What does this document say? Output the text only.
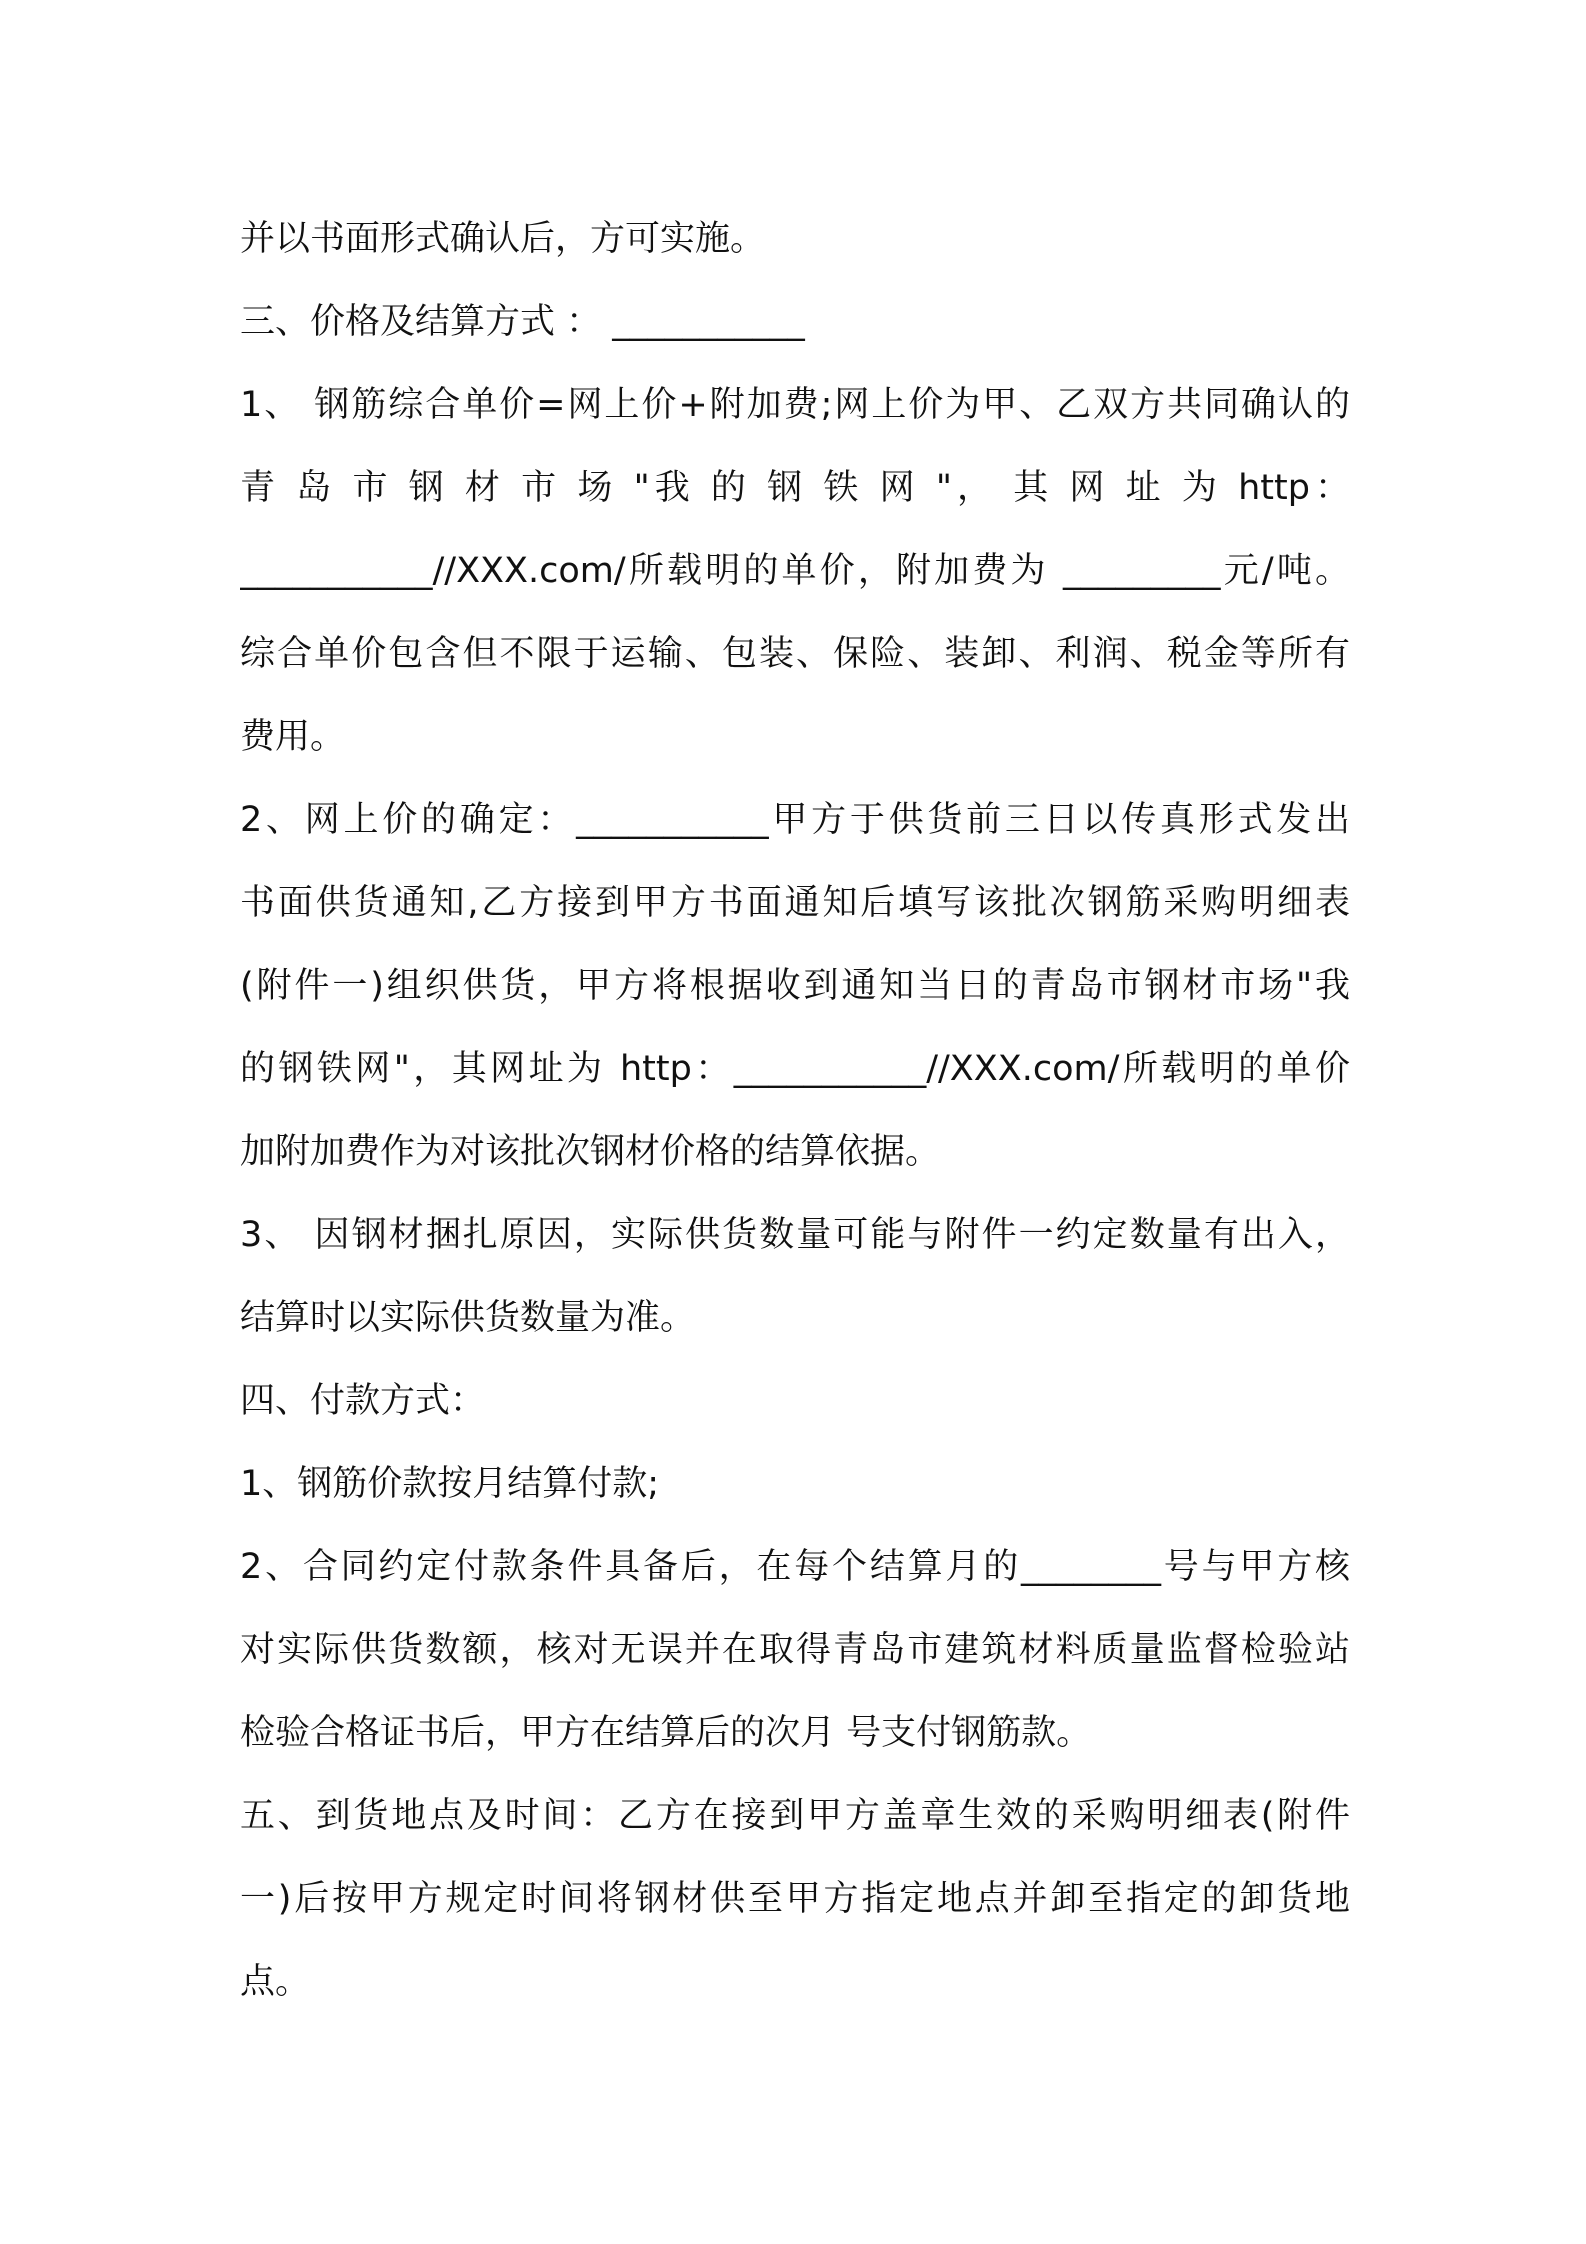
并以书面形式确认后，方可实施。
三、价格及结算方式 ： ___________
1、 钢筋综合单价=网上价+附加费;网上价为甲、乙双方共同确认的
青 岛 市 钢 材 市 场 "我 的 钢 铁 网 "， 其 网 址 为 http：
___________//XXX.com/所载明的单价，附加费为 _________元/吨。
综合单价包含但不限于运输、包装、保险、装卸、利润、税金等所有
费用。
2、网上价的确定：___________甲方于供货前三日以传真形式发出
书面供货通知,乙方接到甲方书面通知后填写该批次钢筋采购明细表
(附件一)组织供货，甲方将根据收到通知当日的青岛市钢材市场"我
的钢铁网"，其网址为 http：___________//XXX.com/所载明的单价
加附加费作为对该批次钢材价格的结算依据。
3、 因钢材捆扎原因，实际供货数量可能与附件一约定数量有出入，
结算时以实际供货数量为准。
四、付款方式：
1、钢筋价款按月结算付款;
2、合同约定付款条件具备后，在每个结算月的________号与甲方核
对实际供货数额，核对无误并在取得青岛市建筑材料质量监督检验站
检验合格证书后，甲方在结算后的次月 号支付钢筋款。
五、到货地点及时间：乙方在接到甲方盖章生效的采购明细表(附件
一)后按甲方规定时间将钢材供至甲方指定地点并卸至指定的卸货地
点。
